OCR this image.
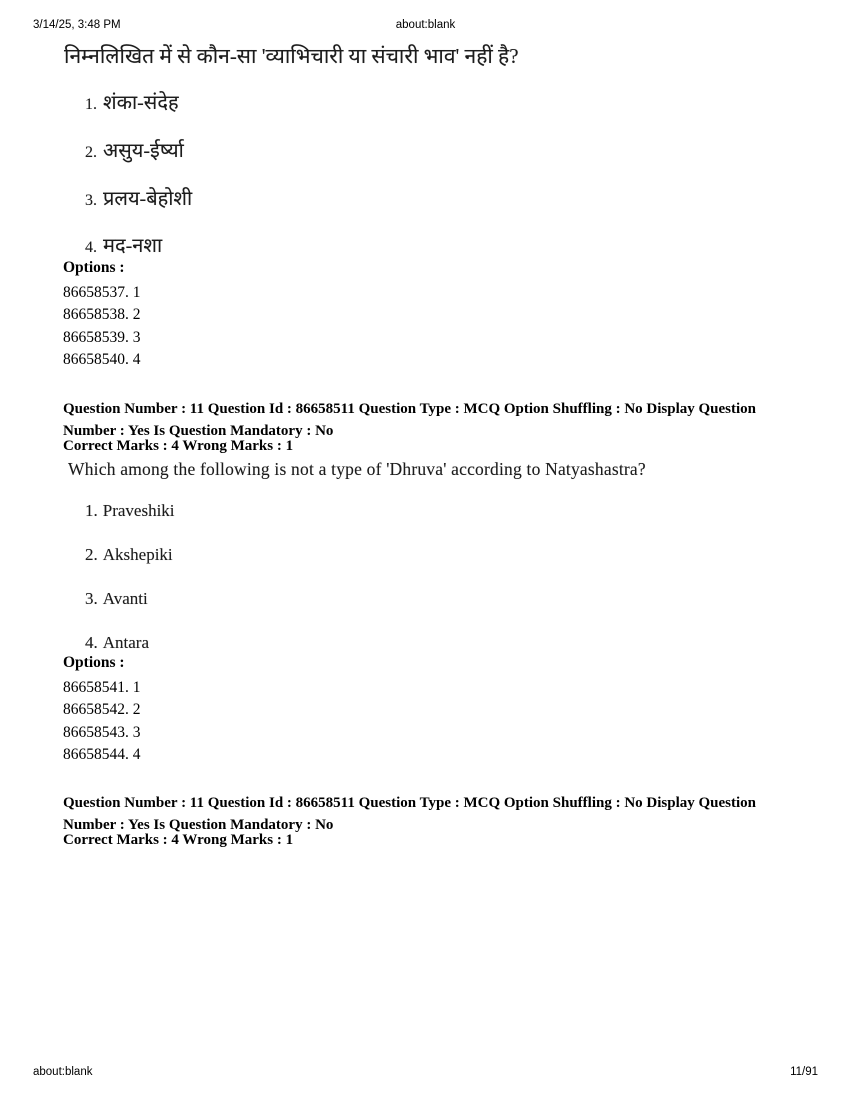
about:blank
3/14/25, 3:48 PM
निम्नलिखित में से कौन-सा 'व्याभिचारी या संचारी भाव' नहीं है?
1. शंका-संदेह
2. असुय-ईर्ष्या
3. प्रलय-बेहोशी
4. मद-नशा
Options :
86658537. 1
86658538. 2
86658539. 3
86658540. 4
Question Number : 11 Question Id : 86658511 Question Type : MCQ Option Shuffling : No Display Question Number : Yes Is Question Mandatory : No
Correct Marks : 4 Wrong Marks : 1
Which among the following is not a type of 'Dhruva' according to Natyashastra?
1. Praveshiki
2. Akshepiki
3. Avanti
4. Antara
Options :
86658541. 1
86658542. 2
86658543. 3
86658544. 4
Question Number : 11 Question Id : 86658511 Question Type : MCQ Option Shuffling : No Display Question Number : Yes Is Question Mandatory : No
Correct Marks : 4 Wrong Marks : 1
about:blank	11/91
